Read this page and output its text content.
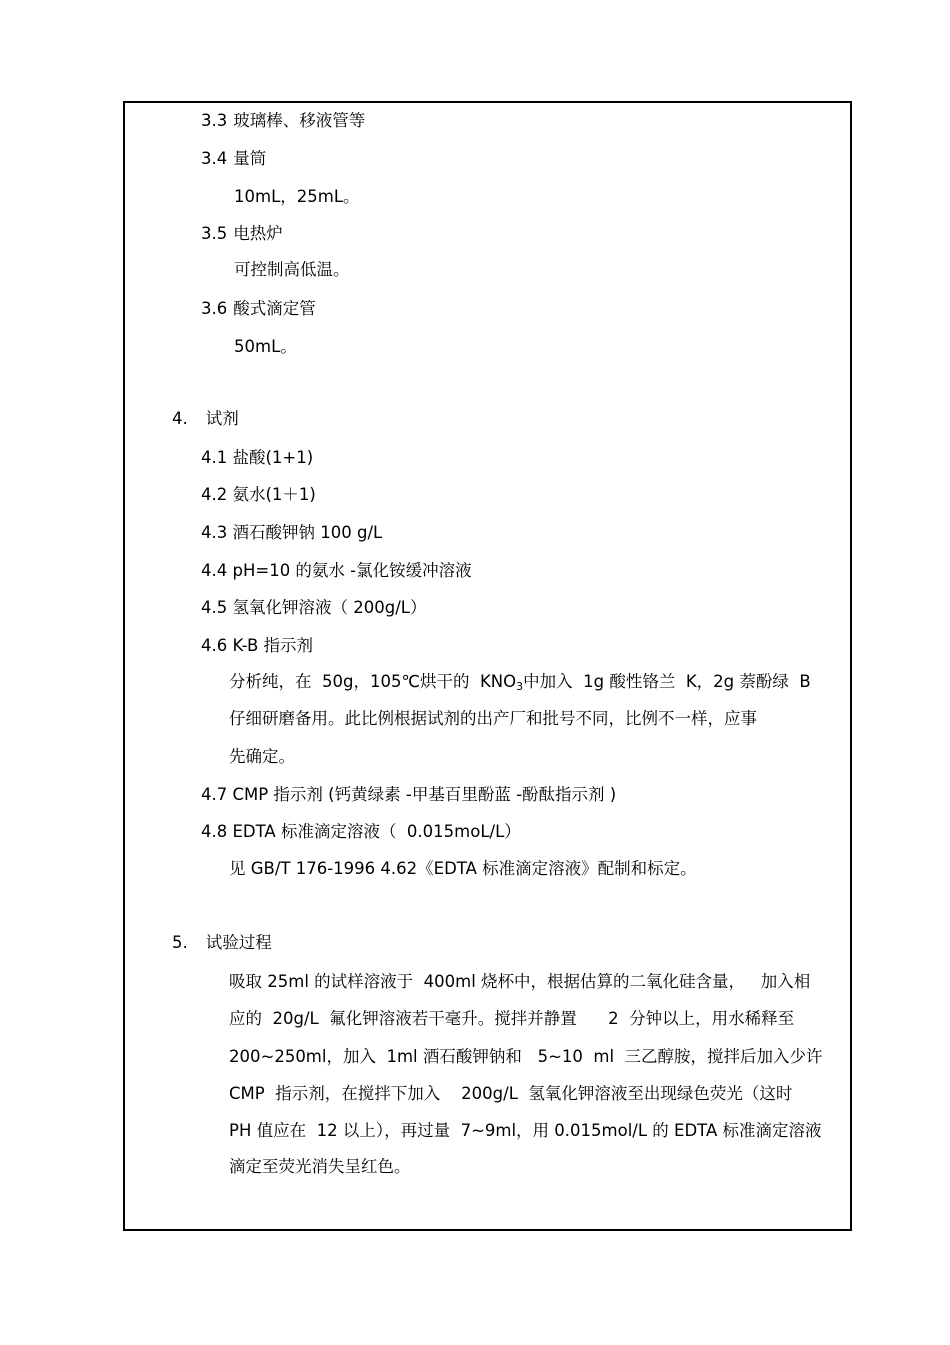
3.3 玻璃棒、移液管等
3.4 量筒
10mL，25mL。
3.5 电热炉
可控制高低温。
3.6 酸式滴定管
50mL。
4. 试剂
4.1 盐酸(1+1)
4.2 氨水(1＋1)
4.3 酒石酸钾钠 100 g/L
4.4 pH=10 的氨水 -氯化铵缓冲溶液
4.5 氢氧化钾溶液（ 200g/L）
4.6 K-B 指示剂
分析纯，在  50g，105℃烘干的  $KNO_3$中加入  1g 酸性铬兰  K，2g 萘酚绿  B
仔细研磨备用。此比例根据试剂的出产厂和批号不同，比例不一样，应事
先确定。
4.7 CMP 指示剂 (钙黄绿素 -甲基百里酚蓝 -酚酞指示剂 )
4.8 EDTA 标准滴定溶液（  0.015moL/L）
见 GB/T 176-1996 4.62《EDTA 标准滴定溶液》配制和标定。
5. 试验过程
吸取 25ml 的试样溶液于  400ml 烧杯中，根据估算的二氧化硅含量，   加入相
应的  20g/L  氟化钾溶液若干毫升。搅拌并静置      2  分钟以上，用水稀释至
200~250ml，加入  1ml 酒石酸钾钠和   5~10  ml  三乙醇胺，搅拌后加入少许
CMP  指示剂，在搅拌下加入    200g/L  氢氧化钾溶液至出现绿色荧光（这时
PH 值应在  12 以上），再过量  7~9ml，用 0.015mol/L 的 EDTA 标准滴定溶液
滴定至荧光消失呈红色。
